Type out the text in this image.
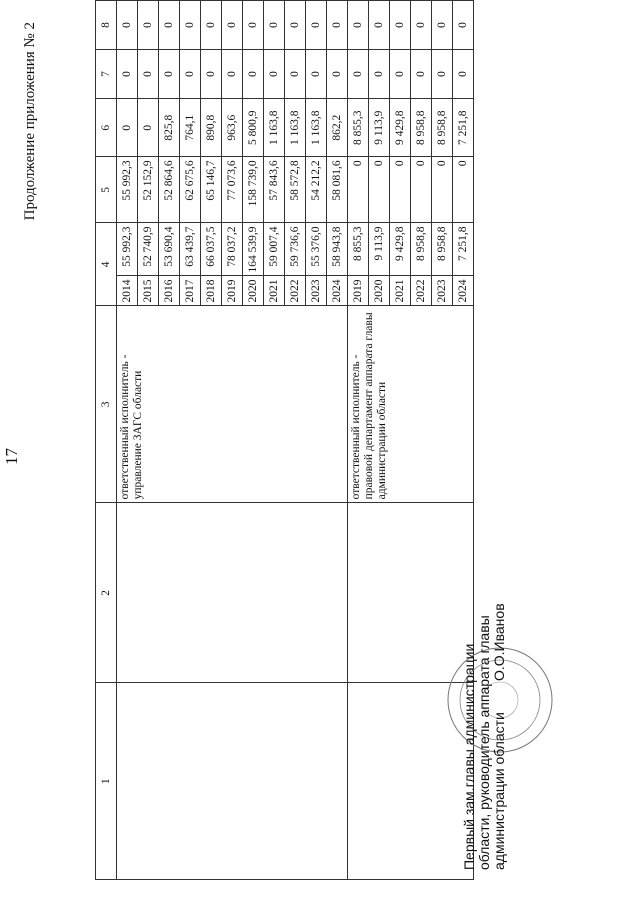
17
Продолжение приложения № 2
1	2	3	4		5	6	7	8
		ответственный исполнитель - управление ЗАГС области	2014	55 992,3	55 992,3	0	0	0
			2015	52 740,9	52 152,9	0	0	0
			2016	53 690,4	52 864,6	825,8	0	0
			2017	63 439,7	62 675,6	764,1	0	0
			2018	66 037,5	65 146,7	890,8	0	0
			2019	78 037,2	77 073,6	963,6	0	0
			2020	164 539,9	158 739,0	5 800,9	0	0
			2021	59 007,4	57 843,6	1 163,8	0	0
			2022	59 736,6	58 572,8	1 163,8	0	0
			2023	55 376,0	54 212,2	1 163,8	0	0
			2024	58 943,8	58 081,6	862,2	0	0
		ответственный исполнитель - правовой департамент аппарата главы администрации области	2019	8 855,3	0	8 855,3	0	0
			2020	9 113,9	0	9 113,9	0	0
			2021	9 429,8	0	9 429,8	0	0
			2022	8 958,8	0	8 958,8	0	0
			2023	8 958,8	0	8 958,8	0	0
			2024	7 251,8	0	7 251,8	0	0
Первый зам.главы администрации области, руководитель аппарата главы администрации области        О.О.Иванов
